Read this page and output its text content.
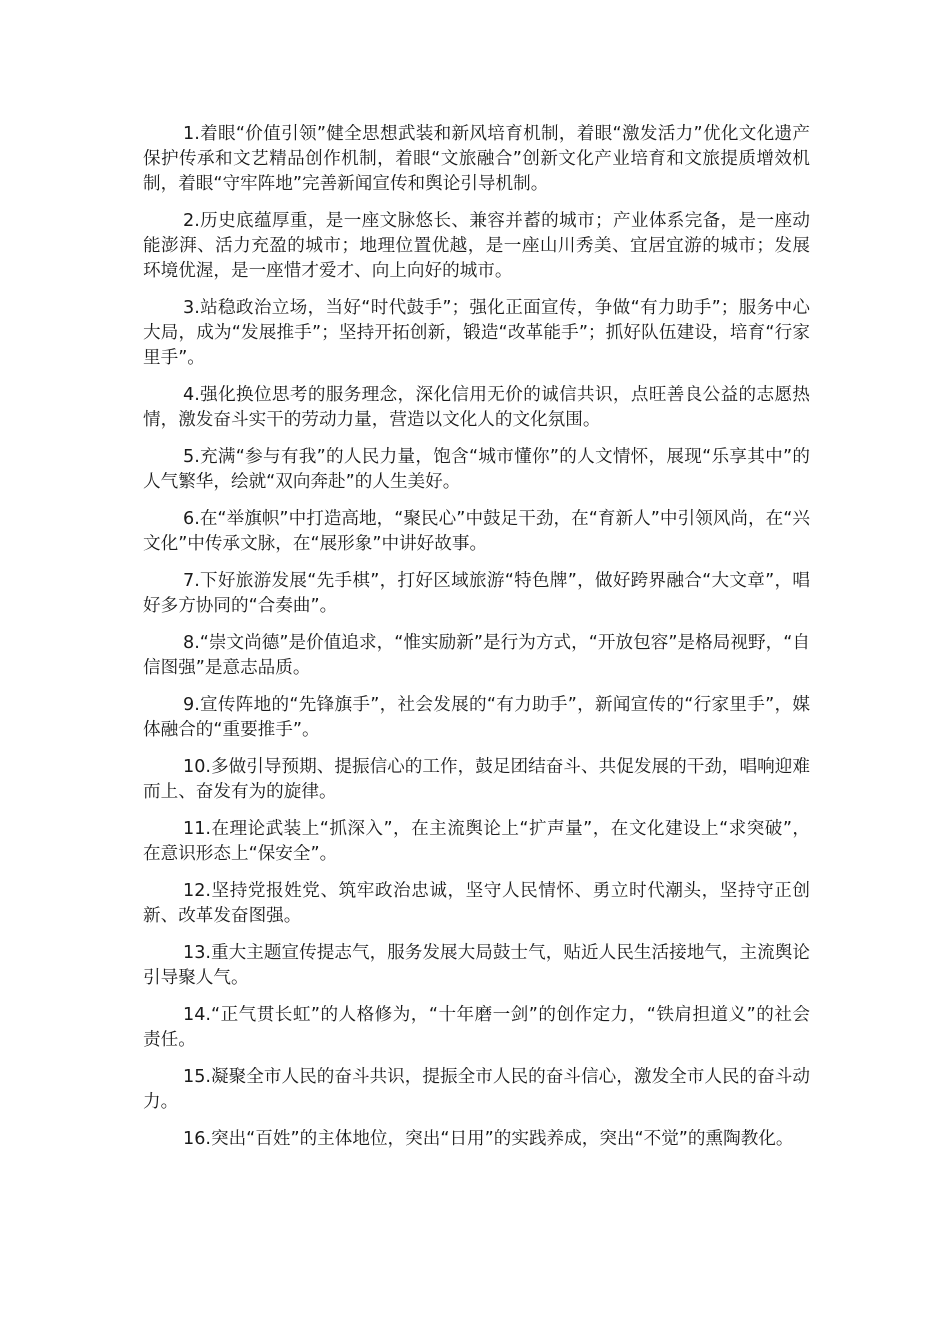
1.着眼“价值引领”健全思想武装和新风培育机制，着眼“激发活力”优化文化遗产保护传承和文艺精品创作机制，着眼“文旅融合”创新文化产业培育和文旅提质增效机制，着眼“守牢阵地”完善新闻宣传和舆论引导机制。

2.历史底蕴厚重，是一座文脉悠长、兼容并蓄的城市；产业体系完备，是一座动能澎湃、活力充盈的城市；地理位置优越，是一座山川秀美、宜居宜游的城市；发展环境优渥，是一座惜才爱才、向上向好的城市。

3.站稳政治立场，当好“时代鼓手”；强化正面宣传，争做“有力助手”；服务中心大局，成为“发展推手”；坚持开拓创新，锻造“改革能手”；抓好队伍建设，培育“行家里手”。

4.强化换位思考的服务理念，深化信用无价的诚信共识，点旺善良公益的志愿热情，激发奋斗实干的劳动力量，营造以文化人的文化氛围。

5.充满“参与有我”的人民力量，饱含“城市懂你”的人文情怀，展现“乐享其中”的人气繁华，绘就“双向奔赴”的人生美好。

6.在“举旗帜”中打造高地，“聚民心”中鼓足干劲，在“育新人”中引领风尚，在“兴文化”中传承文脉，在“展形象”中讲好故事。

7.下好旅游发展“先手棋”，打好区域旅游“特色牌”，做好跨界融合“大文章”，唱好多方协同的“合奏曲”。

8.“崇文尚德”是价值追求，“惟实励新”是行为方式，“开放包容”是格局视野，“自信图强”是意志品质。

9.宣传阵地的“先锋旗手”，社会发展的“有力助手”，新闻宣传的“行家里手”，媒体融合的“重要推手”。

10.多做引导预期、提振信心的工作，鼓足团结奋斗、共促发展的干劲，唱响迎难而上、奋发有为的旋律。

11.在理论武装上“抓深入”，在主流舆论上“扩声量”，在文化建设上“求突破”，在意识形态上“保安全”。

12.坚持党报姓党、筑牢政治忠诚，坚守人民情怀、勇立时代潮头，坚持守正创新、改革发奋图强。

13.重大主题宣传提志气，服务发展大局鼓士气，贴近人民生活接地气，主流舆论引导聚人气。

14.“正气贯长虹”的人格修为，“十年磨一剑”的创作定力，“铁肩担道义”的社会责任。

15.凝聚全市人民的奋斗共识，提振全市人民的奋斗信心，激发全市人民的奋斗动力。

16.突出“百姓”的主体地位，突出“日用”的实践养成，突出“不觉”的熏陶教化。
